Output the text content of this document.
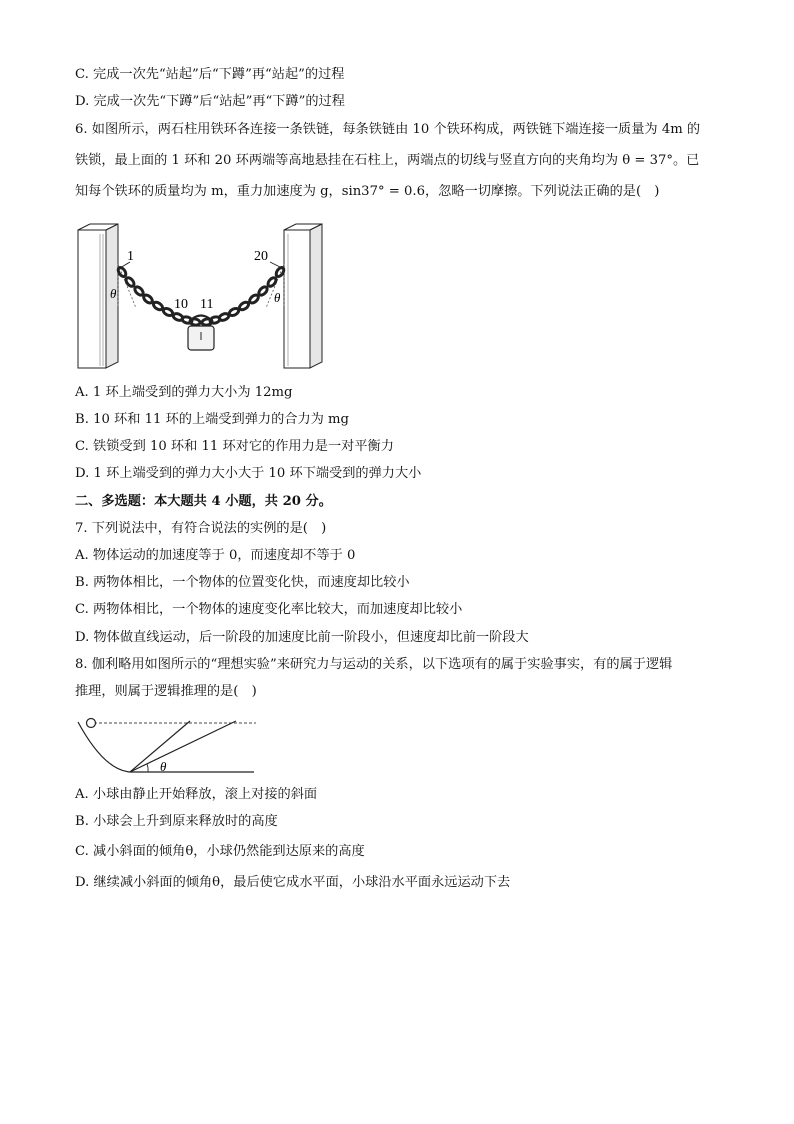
C. 完成一次先“站起”后“下蹲”再“站起”的过程
D. 完成一次先“下蹲”后“站起”再“下蹲”的过程
6. 如图所示，两石柱用铁环各连接一条铁链，每条铁链由 10 个铁环构成，两铁链下端连接一质量为 4m 的
铁锁，最上面的 1 环和 20 环两端等高地悬挂在石柱上，两端点的切线与竖直方向的夹角均为 θ = 37°。已
知每个铁环的质量均为 m，重力加速度为 g，sin37° = 0.6，忽略一切摩擦。下列说法正确的是(　)
1	20
10 11
θ	θ
A. 1 环上端受到的弹力大小为 12mg
B. 10 环和 11 环的上端受到弹力的合力为 mg
C. 铁锁受到 10 环和 11 环对它的作用力是一对平衡力
D. 1 环上端受到的弹力大小大于 10 环下端受到的弹力大小
二、多选题：本大题共 4 小题，共 20 分。
7. 下列说法中，有符合说法的实例的是(　)
A. 物体运动的加速度等于 0，而速度却不等于 0
B. 两物体相比，一个物体的位置变化快，而速度却比较小
C. 两物体相比，一个物体的速度变化率比较大，而加速度却比较小
D. 物体做直线运动，后一阶段的加速度比前一阶段小，但速度却比前一阶段大
8. 伽利略用如图所示的“理想实验”来研究力与运动的关系，以下选项有的属于实验事实，有的属于逻辑
推理，则属于逻辑推理的是(　)
θ
A. 小球由静止开始释放，滚上对接的斜面
B. 小球会上升到原来释放时的高度
C. 减小斜面的倾角θ，小球仍然能到达原来的高度
D. 继续减小斜面的倾角θ，最后使它成水平面，小球沿水平面永远运动下去
